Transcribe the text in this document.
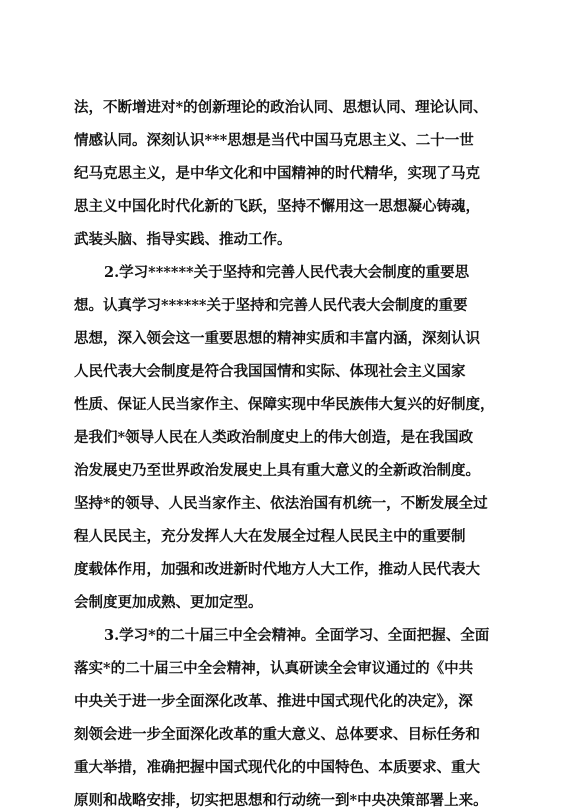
法，不断增进对*的创新理论的政治认同、思想认同、理论认同、
情感认同。深刻认识***思想是当代中国马克思主义、二十一世
纪马克思主义，是中华文化和中国精神的时代精华，实现了马克
思主义中国化时代化新的飞跃，坚持不懈用这一思想凝心铸魂，
武装头脑、指导实践、推动工作。
2.学习******关于坚持和完善人民代表大会制度的重要思
想。认真学习******关于坚持和完善人民代表大会制度的重要
思想，深入领会这一重要思想的精神实质和丰富内涵，深刻认识
人民代表大会制度是符合我国国情和实际、体现社会主义国家
性质、保证人民当家作主、保障实现中华民族伟大复兴的好制度，
是我们*领导人民在人类政治制度史上的伟大创造，是在我国政
治发展史乃至世界政治发展史上具有重大意义的全新政治制度。
坚持*的领导、人民当家作主、依法治国有机统一，不断发展全过
程人民民主，充分发挥人大在发展全过程人民民主中的重要制
度载体作用，加强和改进新时代地方人大工作，推动人民代表大
会制度更加成熟、更加定型。
3.学习*的二十届三中全会精神。全面学习、全面把握、全面
落实*的二十届三中全会精神，认真研读全会审议通过的《中共
中央关于进一步全面深化改革、推进中国式现代化的决定》，深
刻领会进一步全面深化改革的重大意义、总体要求、目标任务和
重大举措，准确把握中国式现代化的中国特色、本质要求、重大
原则和战略安排，切实把思想和行动统一到*中央决策部署上来。
